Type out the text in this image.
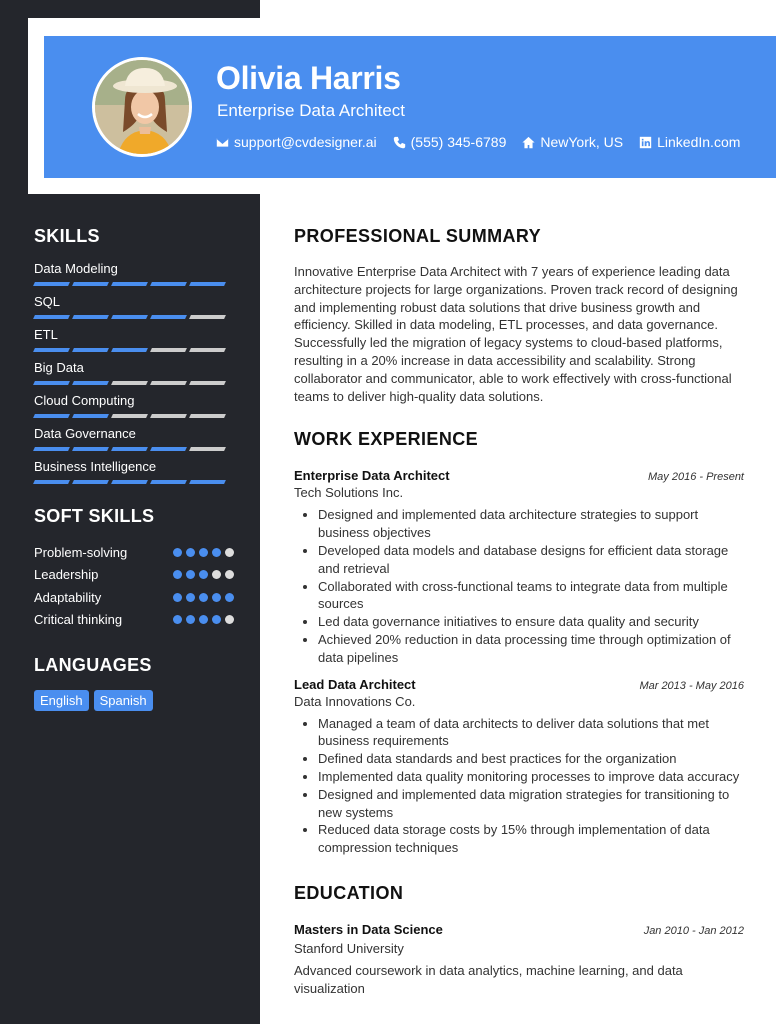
Olivia Harris
Enterprise Data Architect
support@cvdesigner.ai (555) 345-6789 NewYork, US LinkedIn.com
SKILLS
Data Modeling
SQL
ETL
Big Data
Cloud Computing
Data Governance
Business Intelligence
SOFT SKILLS
Problem-solving
Leadership
Adaptability
Critical thinking
LANGUAGES
English	Spanish
PROFESSIONAL SUMMARY

Innovative Enterprise Data Architect with 7 years of experience leading data architecture projects for large organizations. Proven track record of designing and implementing robust data solutions that drive business growth and efficiency. Skilled in data modeling, ETL processes, and data governance. Successfully led the migration of legacy systems to cloud-based platforms, resulting in a 20% increase in data accessibility and scalability. Strong collaborator and communicator, able to work effectively with cross-functional teams to deliver high-quality data solutions.

WORK EXPERIENCE
Enterprise Data Architect	May 2016 - Present
Tech Solutions Inc.
• Designed and implemented data architecture strategies to support business objectives
• Developed data models and database designs for efficient data storage and retrieval
• Collaborated with cross-functional teams to integrate data from multiple sources
• Led data governance initiatives to ensure data quality and security
• Achieved 20% reduction in data processing time through optimization of data pipelines
Lead Data Architect	Mar 2013 - May 2016
Data Innovations Co.
• Managed a team of data architects to deliver data solutions that met business requirements
• Defined data standards and best practices for the organization
• Implemented data quality monitoring processes to improve data accuracy
• Designed and implemented data migration strategies for transitioning to new systems
• Reduced data storage costs by 15% through implementation of data compression techniques
EDUCATION
Masters in Data Science	Jan 2010 - Jan 2012
Stanford University

Advanced coursework in data analytics, machine learning, and data visualization
